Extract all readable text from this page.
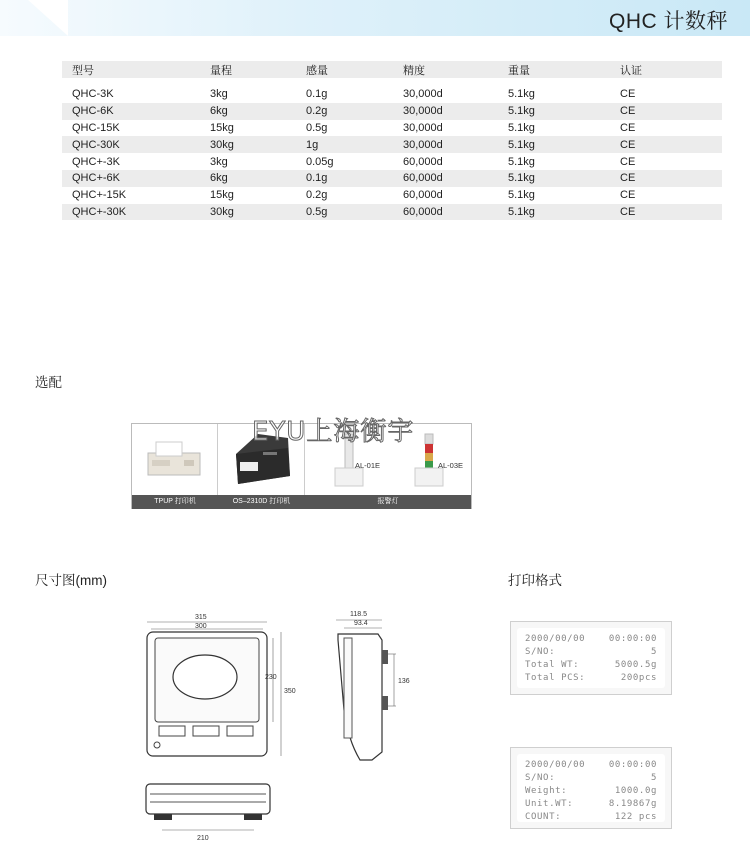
QHC 计数秤
型号	量程	感量	精度	重量	认证

QHC-3K	3kg	0.1g	30,000d	5.1kg	CE
QHC-6K	6kg	0.2g	30,000d	5.1kg	CE
QHC-15K	15kg	0.5g	30,000d	5.1kg	CE
QHC-30K	30kg	1g	30,000d	5.1kg	CE
QHC+-3K	3kg	0.05g	60,000d	5.1kg	CE
QHC+-6K	6kg	0.1g	60,000d	5.1kg	CE
QHC+-15K	15kg	0.2g	60,000d	5.1kg	CE
QHC+-30K	30kg	0.5g	60,000d	5.1kg	CE
选配
TPUP 打印机	OS–2310D 打印机
AL-01E	AL-03E
报警灯
EYU上海衡宇
尺寸图(mm)
315
300
230
350
118.5
93.4
136
210
打印格式
2000/00/00	00:00:00
S/NO:	5
Total WT:	5000.5g
Total PCS:	200pcs
2000/00/00	00:00:00
S/NO:	5
Weight:	1000.0g
Unit.WT:	8.19867g
COUNT:	122 pcs
